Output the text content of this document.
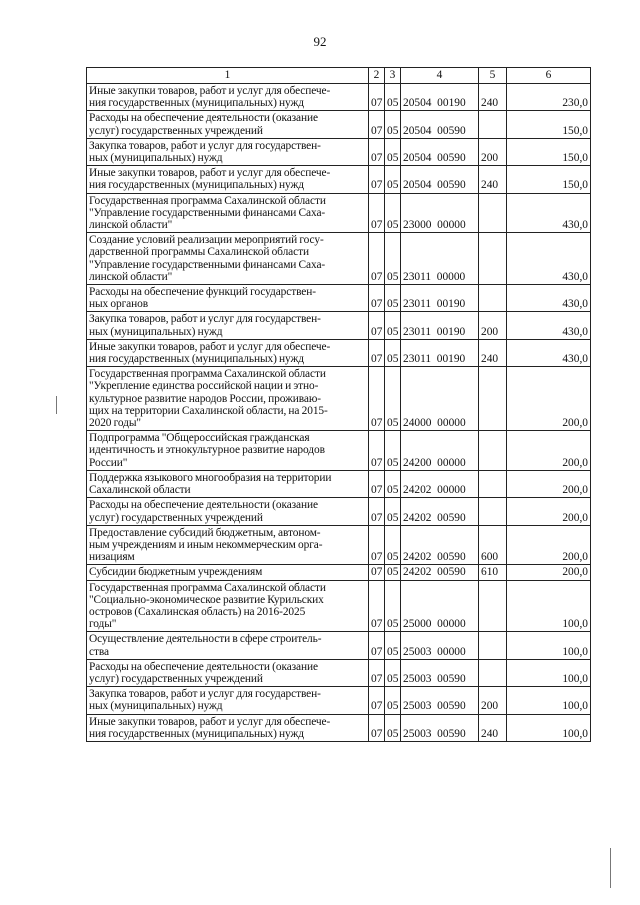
92
1	2	3	4	5	6

Иные закупки товаров, работ и услуг для обеспече-
ния государственных (муниципальных) нужд	07	05	20504  00190	240	230,0

Расходы на обеспечение деятельности (оказание
услуг) государственных учреждений	07	05	20504  00590		150,0

Закупка товаров, работ и услуг для государствен-
ных (муниципальных) нужд	07	05	20504  00590	200	150,0

Иные закупки товаров, работ и услуг для обеспече-
ния государственных (муниципальных) нужд	07	05	20504  00590	240	150,0

Государственная программа Сахалинской области
"Управление государственными финансами Саха-
линской области"	07	05	23000  00000		430,0

Создание условий реализации мероприятий госу-
дарственной программы Сахалинской области
"Управление государственными финансами Саха-
линской области"	07	05	23011  00000		430,0

Расходы на обеспечение функций государствен-
ных органов	07	05	23011  00190		430,0

Закупка товаров, работ и услуг для государствен-
ных (муниципальных) нужд	07	05	23011  00190	200	430,0

Иные закупки товаров, работ и услуг для обеспече-
ния государственных (муниципальных) нужд	07	05	23011  00190	240	430,0

Государственная программа Сахалинской области
"Укрепление единства российской нации и этно-
культурное развитие народов России, проживаю-
щих на территории Сахалинской области, на 2015-
2020 годы"	07	05	24000  00000		200,0

Подпрограмма "Общероссийская гражданская
идентичность и этнокультурное развитие народов
России"	07	05	24200  00000		200,0

Поддержка языкового многообразия на территории
Сахалинской области	07	05	24202  00000		200,0

Расходы на обеспечение деятельности (оказание
услуг) государственных учреждений	07	05	24202  00590		200,0

Предоставление субсидий бюджетным, автоном-
ным учреждениям и иным некоммерческим орга-
низациям	07	05	24202  00590	600	200,0

Субсидии бюджетным учреждениям	07	05	24202  00590	610	200,0

Государственная программа Сахалинской области
"Социально-экономическое развитие Курильских
островов (Сахалинская область) на 2016-2025
годы"	07	05	25000  00000		100,0

Осуществление деятельности в сфере строитель-
ства	07	05	25003  00000		100,0

Расходы на обеспечение деятельности (оказание
услуг) государственных учреждений	07	05	25003  00590		100,0

Закупка товаров, работ и услуг для государствен-
ных (муниципальных) нужд	07	05	25003  00590	200	100,0

Иные закупки товаров, работ и услуг для обеспече-
ния государственных (муниципальных) нужд	07	05	25003  00590	240	100,0
